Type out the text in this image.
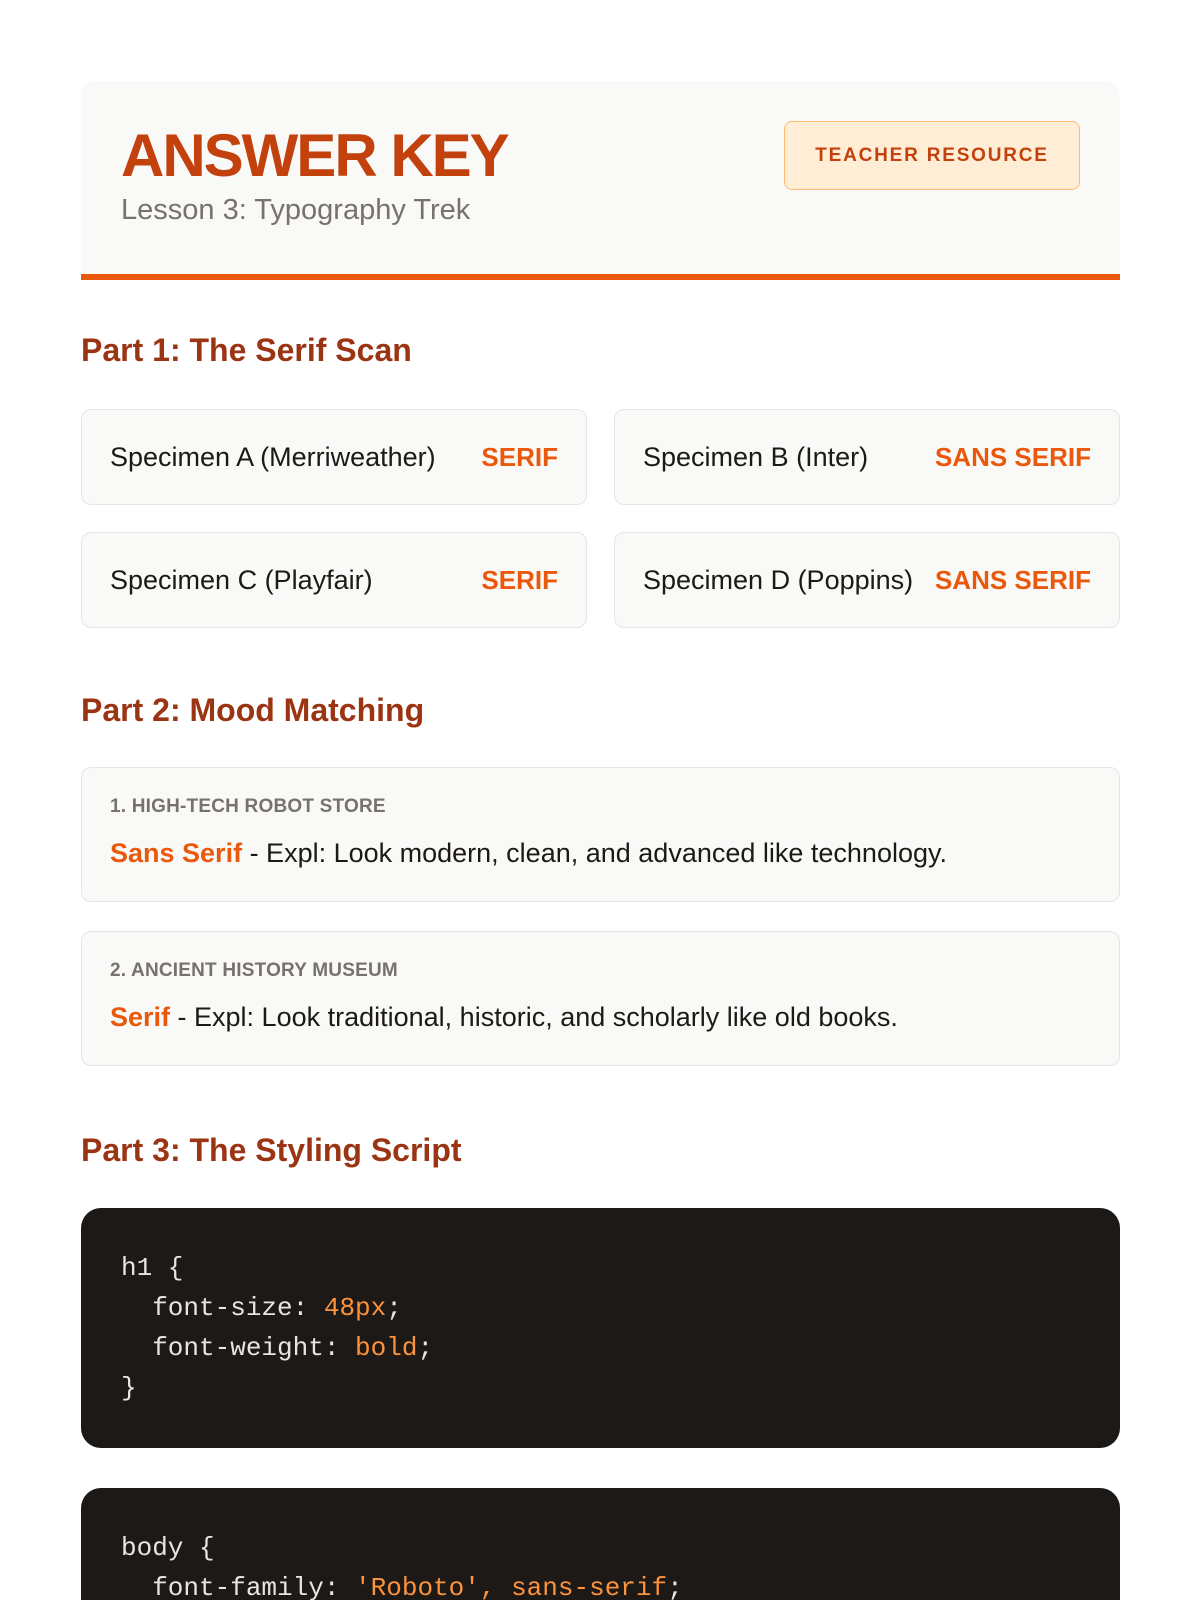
ANSWER KEY
Lesson 3: Typography Trek
TEACHER RESOURCE
Part 1: The Serif Scan
Specimen A (Merriweather) SERIF	Specimen B (Inter)	SANS SERIF
Specimen C (Playfair)	SERIF	Specimen D (Poppins) SANS SERIF
Part 2: Mood Matching
1. HIGH-TECH ROBOT STORE
Sans Serif - Expl: Look modern, clean, and advanced like technology.
2. ANCIENT HISTORY MUSEUM
Serif - Expl: Look traditional, historic, and scholarly like old books.
Part 3: The Styling Script
h1 {
font-size: 48px;
font-weight: bold;
}
body {
font-family: 'Roboto', sans-serif;
